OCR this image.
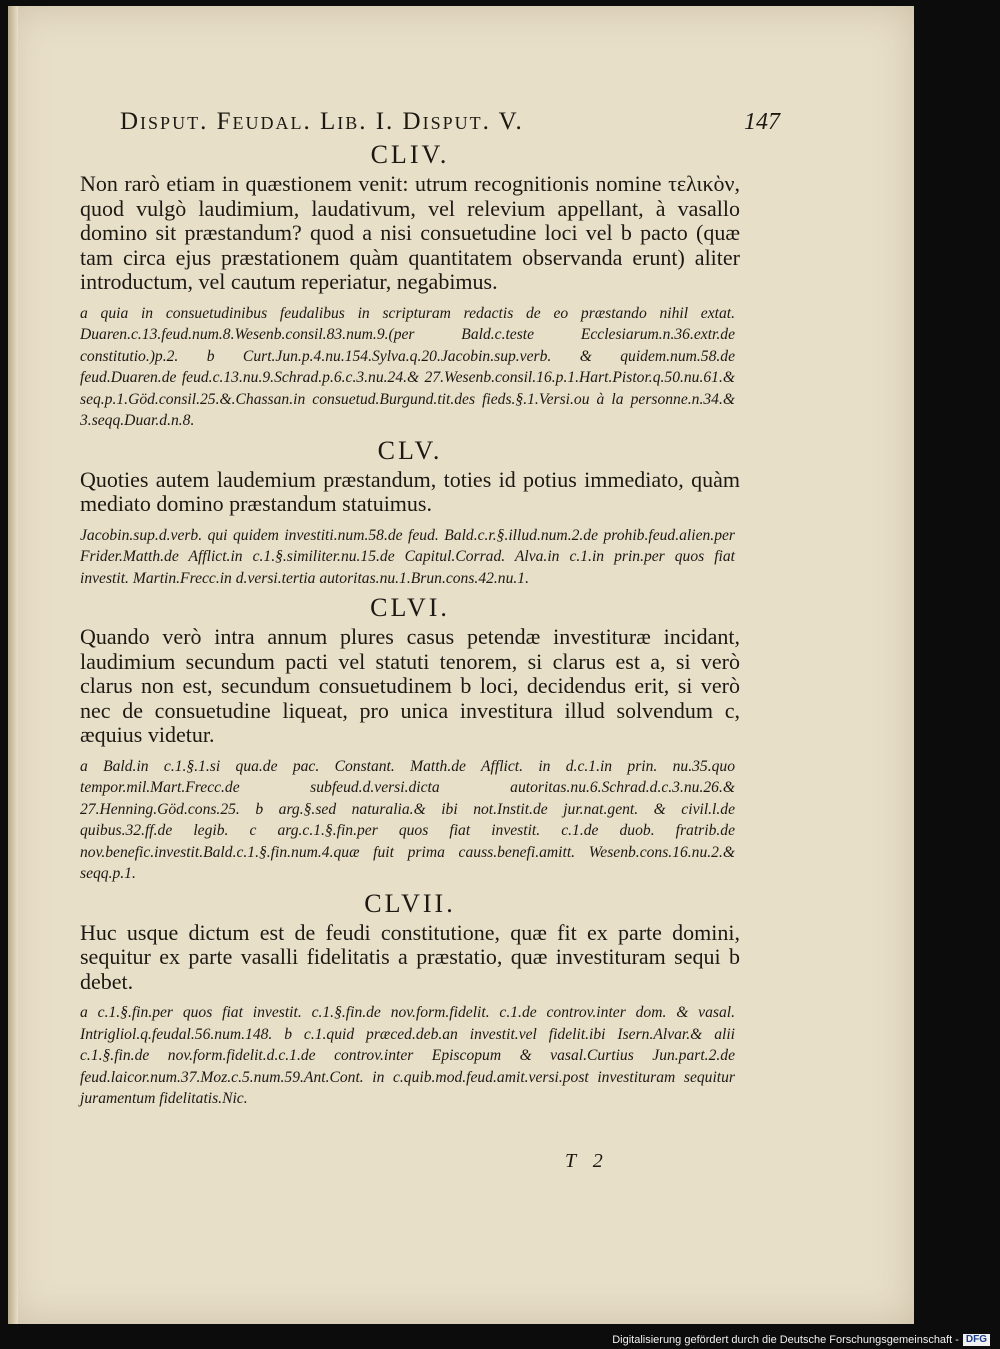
Disput. Feudal. Lib. I. Disput. V.	147
CLIV.

Non rarò etiam in quæstionem venit: utrum recognitionis nomine τελικὸν, quod vulgò laudimium, laudativum, vel relevium appellant, à vasallo domino sit præstandum? quod a nisi consuetudine loci vel b pacto (quæ tam circa ejus præstationem quàm quantitatem observanda erunt) aliter introductum, vel cautum reperiatur, negabimus.

a quia in consuetudinibus feudalibus in scripturam redactis de eo præstando nihil extat. Duaren.c.13.feud.num.8.Wesenb.consil.83.num.9.(per Bald.c.teste Ecclesiarum.n.36.extr.de constitutio.)p.2. b Curt.Jun.p.4.nu.154.Sylva.q.20.Jacobin.sup.verb. & quidem.num.58.de feud.Duaren.de feud.c.13.nu.9.Schrad.p.6.c.3.nu.24.& 27.Wesenb.consil.16.p.1.Hart.Pistor.q.50.nu.61.& seq.p.1.Göd.consil.25.&.Chassan.in consuetud.Burgund.tit.des fieds.§.1.Versi.ou à la personne.n.34.& 3.seqq.Duar.d.n.8.

CLV.

Quoties autem laudemium præstandum, toties id potius immediato, quàm mediato domino præstandum statuimus.

Jacobin.sup.d.verb. qui quidem investiti.num.58.de feud. Bald.c.r.§.illud.num.2.de prohib.feud.alien.per Frider.Matth.de Afflict.in c.1.§.similiter.nu.15.de Capitul.Corrad. Alva.in c.1.in prin.per quos fiat investit. Martin.Frecc.in d.versi.tertia autoritas.nu.1.Brun.cons.42.nu.1.

CLVI.

Quando verò intra annum plures casus petendæ investituræ incidant, laudimium secundum pacti vel statuti tenorem, si clarus est a, si verò clarus non est, secundum consuetudinem b loci, decidendus erit, si verò nec de consuetudine liqueat, pro unica investitura illud solvendum c, æquius videtur.

a Bald.in c.1.§.1.si qua.de pac. Constant. Matth.de Afflict. in d.c.1.in prin. nu.35.quo tempor.mil.Mart.Frecc.de subfeud.d.versi.dicta autoritas.nu.6.Schrad.d.c.3.nu.26.& 27.Henning.Göd.cons.25. b arg.§.sed naturalia.& ibi not.Instit.de jur.nat.gent. & civil.l.de quibus.32.ff.de legib. c arg.c.1.§.fin.per quos fiat investit. c.1.de duob. fratrib.de nov.benefic.investit.Bald.c.1.§.fin.num.4.quæ fuit prima causs.benefi.amitt. Wesenb.cons.16.nu.2.& seqq.p.1.

CLVII.

Huc usque dictum est de feudi constitutione, quæ fit ex parte domini, sequitur ex parte vasalli fidelitatis a præstatio, quæ investituram sequi b debet.

a c.1.§.fin.per quos fiat investit. c.1.§.fin.de nov.form.fidelit. c.1.de controv.inter dom. & vasal. Intrigliol.q.feudal.56.num.148. b c.1.quid præced.deb.an investit.vel fidelit.ibi Isern.Alvar.& alii c.1.§.fin.de nov.form.fidelit.d.c.1.de controv.inter Episcopum & vasal.Curtius Jun.part.2.de feud.laicor.num.37.Moz.c.5.num.59.Ant.Cont. in c.quib.mod.feud.amit.versi.post investituram sequitur juramentum fidelitatis.Nic.

T 2
Digitalisierung gefördert durch die Deutsche Forschungsgemeinschaft - DFG
